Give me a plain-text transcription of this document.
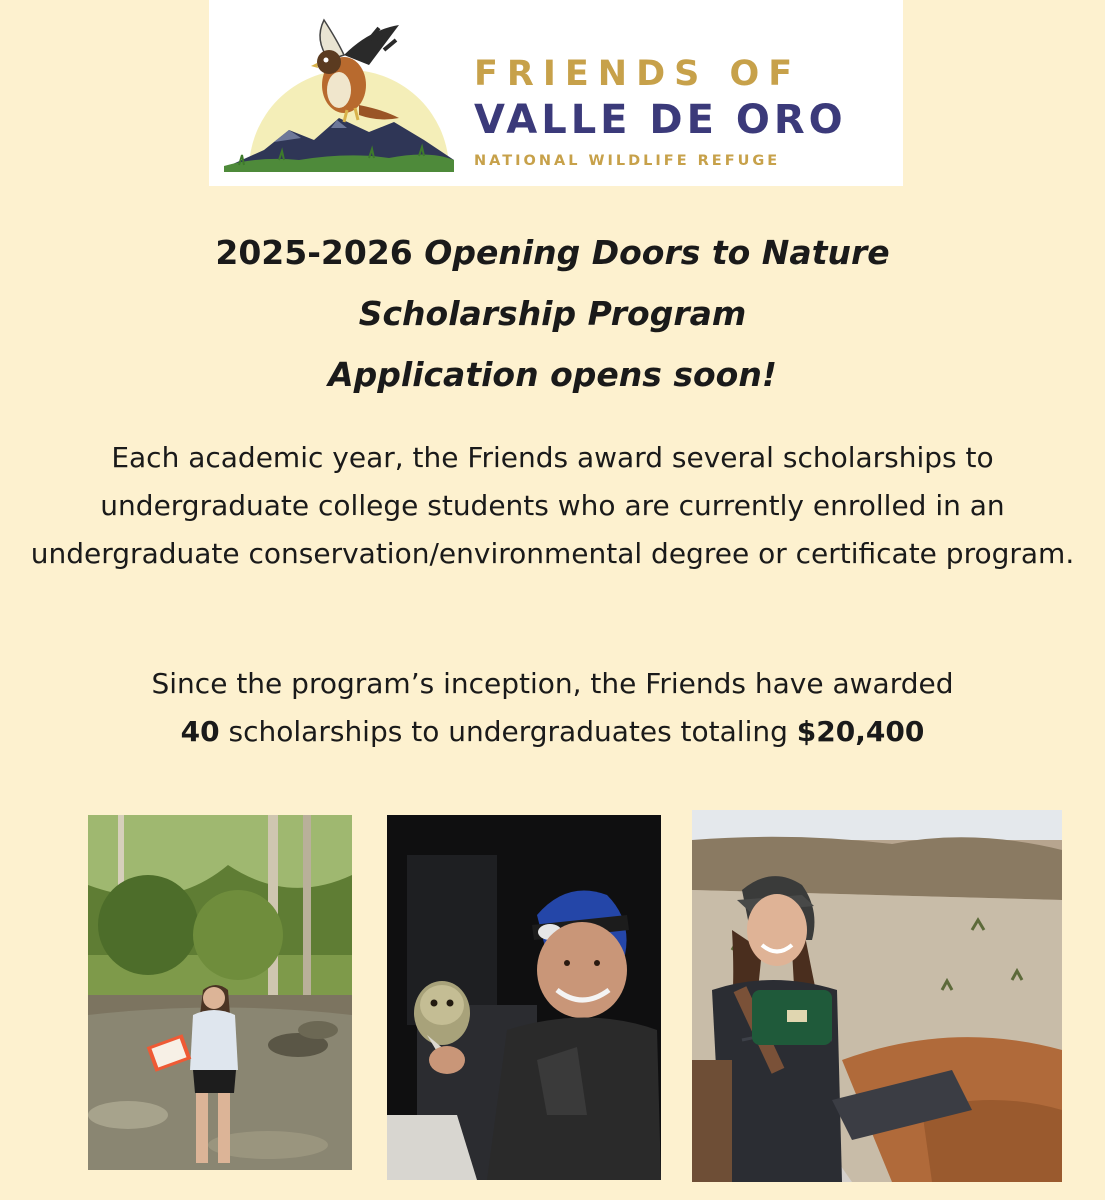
FRIENDS OF
VALLE DE ORO
NATIONAL WILDLIFE REFUGE
2025-2026 Opening Doors to Nature
Scholarship Program
Application opens soon!
Each academic year, the Friends award several scholarships to undergraduate college students who are currently enrolled in an undergraduate conservation/environmental degree or certificate program.
Since the program’s inception, the Friends have awarded
40 scholarships to undergraduates totaling $20,400
